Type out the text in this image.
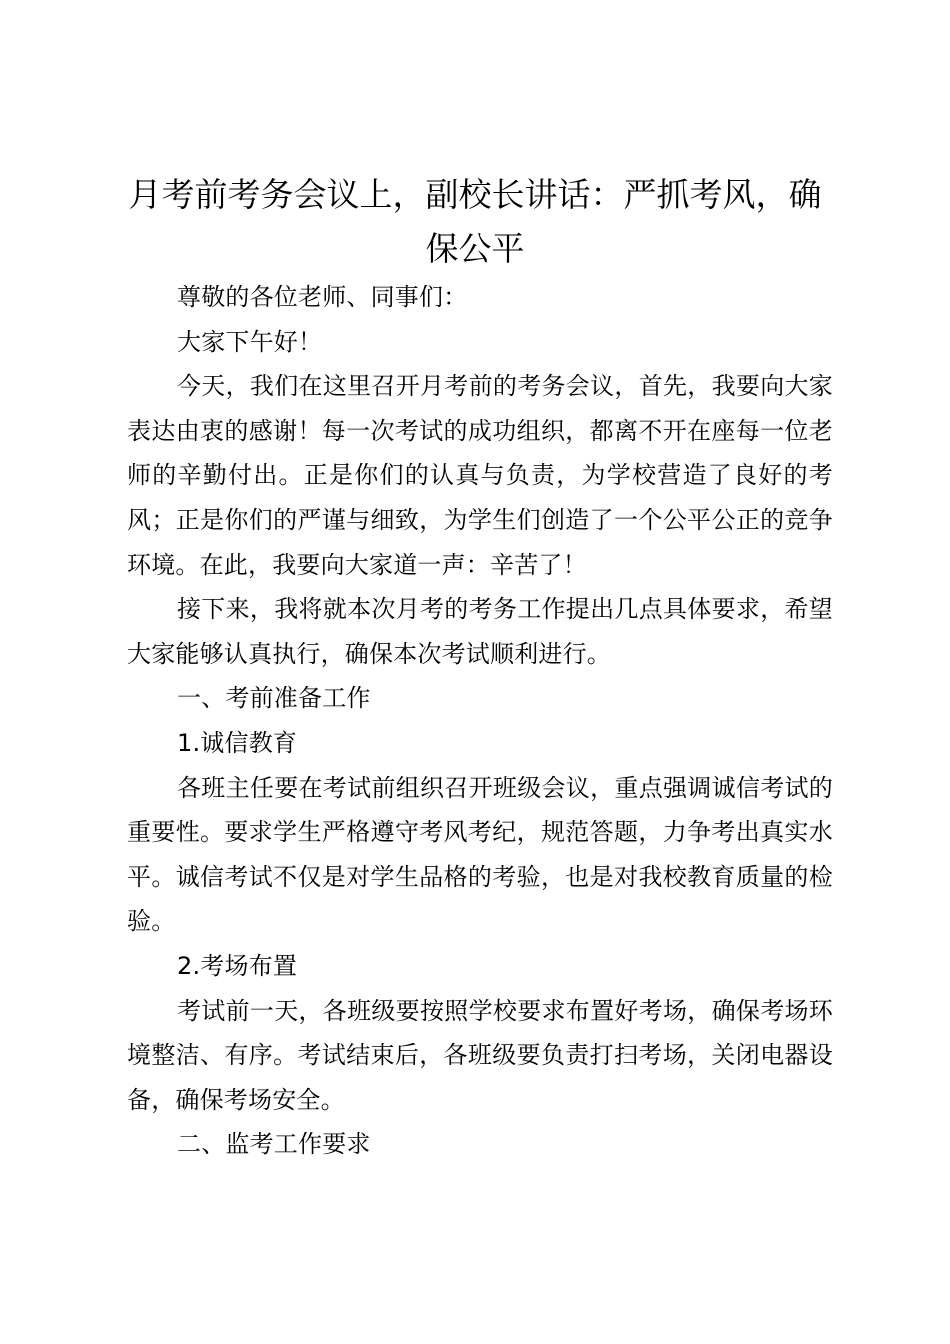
月考前考务会议上，副校长讲话：严抓考风，确保公平

尊敬的各位老师、同事们：

大家下午好！

今天，我们在这里召开月考前的考务会议，首先，我要向大家表达由衷的感谢！每一次考试的成功组织，都离不开在座每一位老师的辛勤付出。正是你们的认真与负责，为学校营造了良好的考风；正是你们的严谨与细致，为学生们创造了一个公平公正的竞争环境。在此，我要向大家道一声：辛苦了！

接下来，我将就本次月考的考务工作提出几点具体要求，希望大家能够认真执行，确保本次考试顺利进行。

一、考前准备工作

1.诚信教育

各班主任要在考试前组织召开班级会议，重点强调诚信考试的重要性。要求学生严格遵守考风考纪，规范答题，力争考出真实水平。诚信考试不仅是对学生品格的考验，也是对我校教育质量的检验。

2.考场布置

考试前一天，各班级要按照学校要求布置好考场，确保考场环境整洁、有序。考试结束后，各班级要负责打扫考场，关闭电器设备，确保考场安全。

二、监考工作要求
